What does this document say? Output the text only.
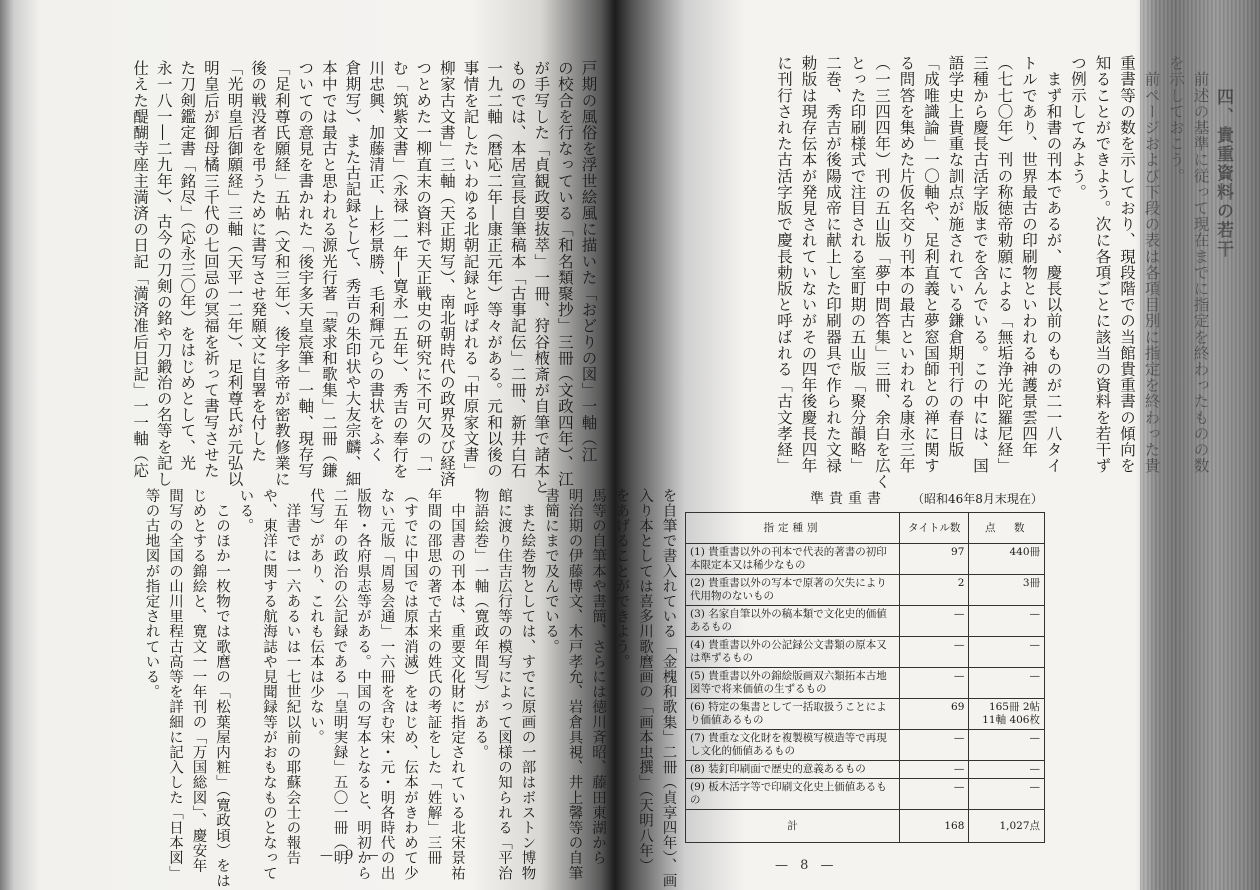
戸期の風俗を浮世絵風に描いた「おどりの図」一軸（江
の校合を行なっている「和名類聚抄」三冊（文政四年）、江
が手写した「貞観政要抜萃」一冊、狩谷棭斎が自筆で諸本と
ものでは、本居宣長自筆稿本「古事記伝」二冊、新井白石
一九二軸（暦応二年―康正元年）等々がある。元和以後の
事情を記したいわゆる北朝記録と呼ばれる「中原家文書」
柳家古文書」三軸（天正期写）、南北朝時代の政界及び経済
つとめた一柳直末の資料で天正戦史の研究に不可欠の「一
む「筑紫文書」（永禄一一年―寛永一五年）、秀吉の奉行を
川忠興、加藤清正、上杉景勝、毛利輝元らの書状をふく
倉期写）、また古記録として、秀吉の朱印状や大友宗麟、細
本中では最古と思われる源光行著「蒙求和歌集」二冊（鎌
ついての意見を書かれた「後宇多天皇宸筆」一軸、現存写
「足利尊氏願経」五帖（文和三年）、後宇多帝が密教修業に
後の戦没者を弔うために書写させ発願文に自署を付した
「光明皇后御願経」三軸（天平一二年）、足利尊氏が元弘以
明皇后が御母橘三千代の七回忌の冥福を祈って書写させた
た刀剣鑑定書「銘尽」（応永三〇年）をはじめとして、光
永一八一―二九年）、古今の刀剣の銘や刀鍛治の名等を記し
仕えた醍醐寺座主満済の日記「満済准后日記」一一軸（応
— 9 —
重書等の数を示しており、現段階での当館貴重書の傾向を
知ることができよう。次に各項ごとに該当の資料を若干ず
つ例示してみよう。
　まず和書の刊本であるが、慶長以前のものが二一八タイ
トルであり、世界最古の印刷物といわれる神護景雲四年
（七七〇年）刊の称徳帝勅願による「無垢浄光陀羅尼経」
三種から慶長古活字版までを含んでいる。この中には、国
語学史上貴重な訓点が施されている鎌倉期刊行の春日版
「成唯識論」一〇軸や、足利直義と夢窓国師との禅に関す
る問答を集めた片仮名交り刊本の最古といわれる康永三年
（一三四四年）刊の五山版「夢中問答集」三冊、余白を広く
とった印刷様式で注目される室町期の五山版「聚分韻略」
二巻、秀吉が後陽成帝に献上した印刷器具で作られた文禄
勅版は現存伝本が発見されていないがその四年後慶長四年
に刊行された古活字版で慶長勅版と呼ばれる「古文孝経」
を自筆で書入れている「金槐和歌集」二冊（貞享四年）、画
入り本としては喜多川歌麿画の「画本虫撰」（天明八年）
をあげることができよう。
馬等の自筆本や書簡、さらには徳川斉昭、藤田東湖から
明治期の伊藤博文、木戸孝允、岩倉具視、井上馨等の自筆
書簡にまで及んでいる。
　また絵巻物としては、すでに原画の一部はボストン博物
館に渡り住吉広行等の模写によって図様の知られる「平治
物語絵巻」一軸（寛政年間写）がある。
　中国書の刊本は、重要文化財に指定されている北宋景祐
年間の邵思の著で古来の姓氏の考証をした「姓解」三冊
（すでに中国では原本消滅）をはじめ、伝本がきわめて少
ない元版「周易会通」一六冊を含む宋・元・明各時代の出
版物・各府県志等がある。中国の写本となると、明初から
二五年の政治の公記録である「皇明実録」五〇一冊（明
代写）があり、これも伝本は少ない。
　洋書では一六あるいは一七世紀以前の耶蘇会士の報告
や、東洋に関する航海誌や見聞録等がおもなものとなって
いる。
　このほか一枚物では歌麿の「松葉屋内粧」（寛政頃）をは
じめとする錦絵と、寛文一一年刊の「万国総図」、慶安年
間写の全国の山川里程古高等を詳細に記入した「日本図」
等の古地図が指定されている。
— 8 —
準貴重書 （昭和46年8月末現在）
指定種別	タイトル数	点　数
(1) 貴重書以外の刊本で代表的著書の初印本限定本又は稀少なもの	97	440冊
(2) 貴重書以外の写本で原著の欠失により代用物のないもの	2	3冊
(3) 名家自筆以外の稿本類で文化史的価値あるもの	—	—
(4) 貴重書以外の公記録公文書類の原本又は準ずるもの	—	—
(5) 貴重書以外の錦絵版画双六類拓本古地図等で将来価値の生ずるもの	—	—
(6) 特定の集書として一括取扱うことにより価値あるもの	69	165冊 2帖
11軸 406枚
(7) 貴重な文化財を複製模写模造等で再現し文化的価値あるもの	—	—
(8) 装釘印刷面で歴史的意義あるもの	—	—
(9) 板木活字等で印刷文化史上価値あるもの	—	—
計	168	1,027点
